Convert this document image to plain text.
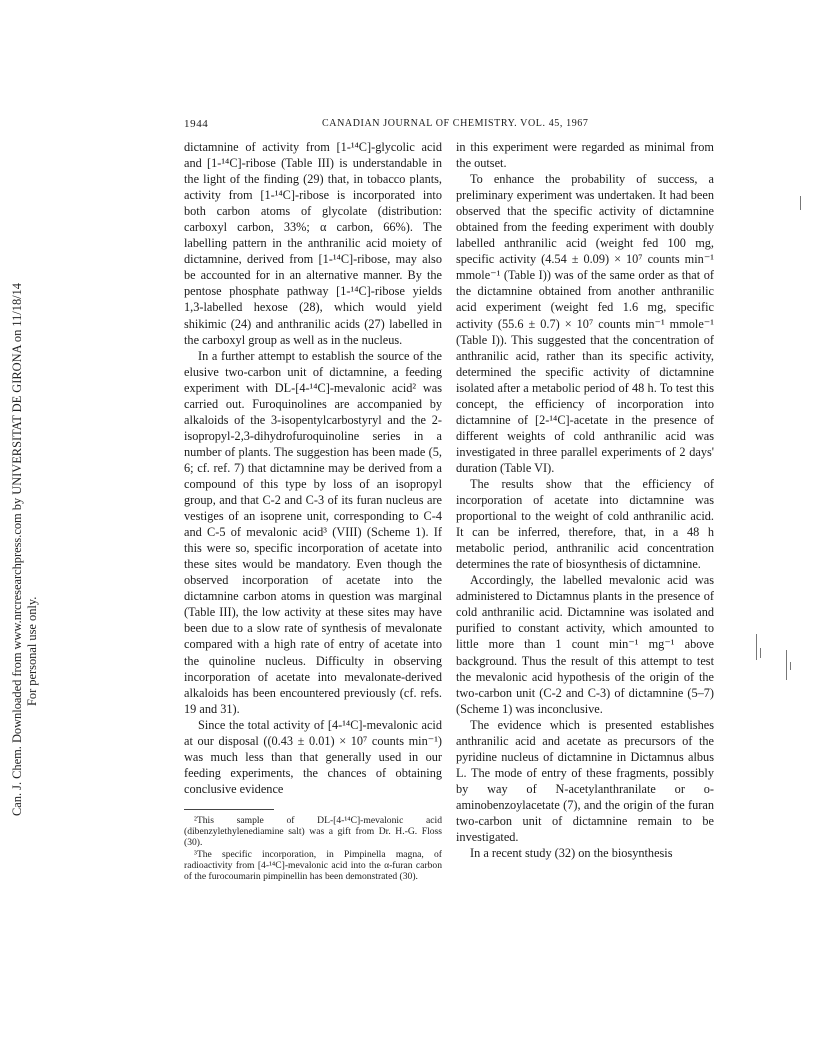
Can. J. Chem. Downloaded from www.nrcresearchpress.com by UNIVERSITAT DE GIRONA on 11/18/14 For personal use only.
1944	CANADIAN JOURNAL OF CHEMISTRY. VOL. 45, 1967

dictamnine of activity from [1-¹⁴C]-glycolic acid and [1-¹⁴C]-ribose (Table III) is understandable in the light of the finding (29) that, in tobacco plants, activity from [1-¹⁴C]-ribose is incorporated into both carbon atoms of glycolate (distribution: carboxyl carbon, 33%; α carbon, 66%). The labelling pattern in the anthranilic acid moiety of dictamnine, derived from [1-¹⁴C]-ribose, may also be accounted for in an alternative manner. By the pentose phosphate pathway [1-¹⁴C]-ribose yields 1,3-labelled hexose (28), which would yield shikimic (24) and anthranilic acids (27) labelled in the carboxyl group as well as in the nucleus.

In a further attempt to establish the source of the elusive two-carbon unit of dictamnine, a feeding experiment with DL-[4-¹⁴C]-mevalonic acid² was carried out. Furoquinolines are accompanied by alkaloids of the 3-isopentylcarbostyryl and the 2-isopropyl-2,3-dihydrofuroquinoline series in a number of plants. The suggestion has been made (5, 6; cf. ref. 7) that dictamnine may be derived from a compound of this type by loss of an isopropyl group, and that C-2 and C-3 of its furan nucleus are vestiges of an isoprene unit, corresponding to C-4 and C-5 of mevalonic acid³ (VIII) (Scheme 1). If this were so, specific incorporation of acetate into these sites would be mandatory. Even though the observed incorporation of acetate into the dictamnine carbon atoms in question was marginal (Table III), the low activity at these sites may have been due to a slow rate of synthesis of mevalonate compared with a high rate of entry of acetate into the quinoline nucleus. Difficulty in observing incorporation of acetate into mevalonate-derived alkaloids has been encountered previously (cf. refs. 19 and 31).

Since the total activity of [4-¹⁴C]-mevalonic acid at our disposal ((0.43 ± 0.01) × 10⁷ counts min⁻¹) was much less than that generally used in our feeding experiments, the chances of obtaining conclusive evidence

²This sample of DL-[4-¹⁴C]-mevalonic acid (dibenzylethylenediamine salt) was a gift from Dr. H.-G. Floss (30).

³The specific incorporation, in Pimpinella magna, of radioactivity from [4-¹⁴C]-mevalonic acid into the α-furan carbon of the furocoumarin pimpinellin has been demonstrated (30).

in this experiment were regarded as minimal from the outset.

To enhance the probability of success, a preliminary experiment was undertaken. It had been observed that the specific activity of dictamnine obtained from the feeding experiment with doubly labelled anthranilic acid (weight fed 100 mg, specific activity (4.54 ± 0.09) × 10⁷ counts min⁻¹ mmole⁻¹ (Table I)) was of the same order as that of the dictamnine obtained from another anthranilic acid experiment (weight fed 1.6 mg, specific activity (55.6 ± 0.7) × 10⁷ counts min⁻¹ mmole⁻¹ (Table I)). This suggested that the concentration of anthranilic acid, rather than its specific activity, determined the specific activity of dictamnine isolated after a metabolic period of 48 h. To test this concept, the efficiency of incorporation into dictamnine of [2-¹⁴C]-acetate in the presence of different weights of cold anthranilic acid was investigated in three parallel experiments of 2 days' duration (Table VI).

The results show that the efficiency of incorporation of acetate into dictamnine was proportional to the weight of cold anthranilic acid. It can be inferred, therefore, that, in a 48 h metabolic period, anthranilic acid concentration determines the rate of biosynthesis of dictamnine.

Accordingly, the labelled mevalonic acid was administered to Dictamnus plants in the presence of cold anthranilic acid. Dictamnine was isolated and purified to constant activity, which amounted to little more than 1 count min⁻¹ mg⁻¹ above background. Thus the result of this attempt to test the mevalonic acid hypothesis of the origin of the two-carbon unit (C-2 and C-3) of dictamnine (5–7) (Scheme 1) was inconclusive.

The evidence which is presented establishes anthranilic acid and acetate as precursors of the pyridine nucleus of dictamnine in Dictamnus albus L. The mode of entry of these fragments, possibly by way of N-acetylanthranilate or o-aminobenzoylacetate (7), and the origin of the furan two-carbon unit of dictamnine remain to be investigated.

In a recent study (32) on the biosynthesis
